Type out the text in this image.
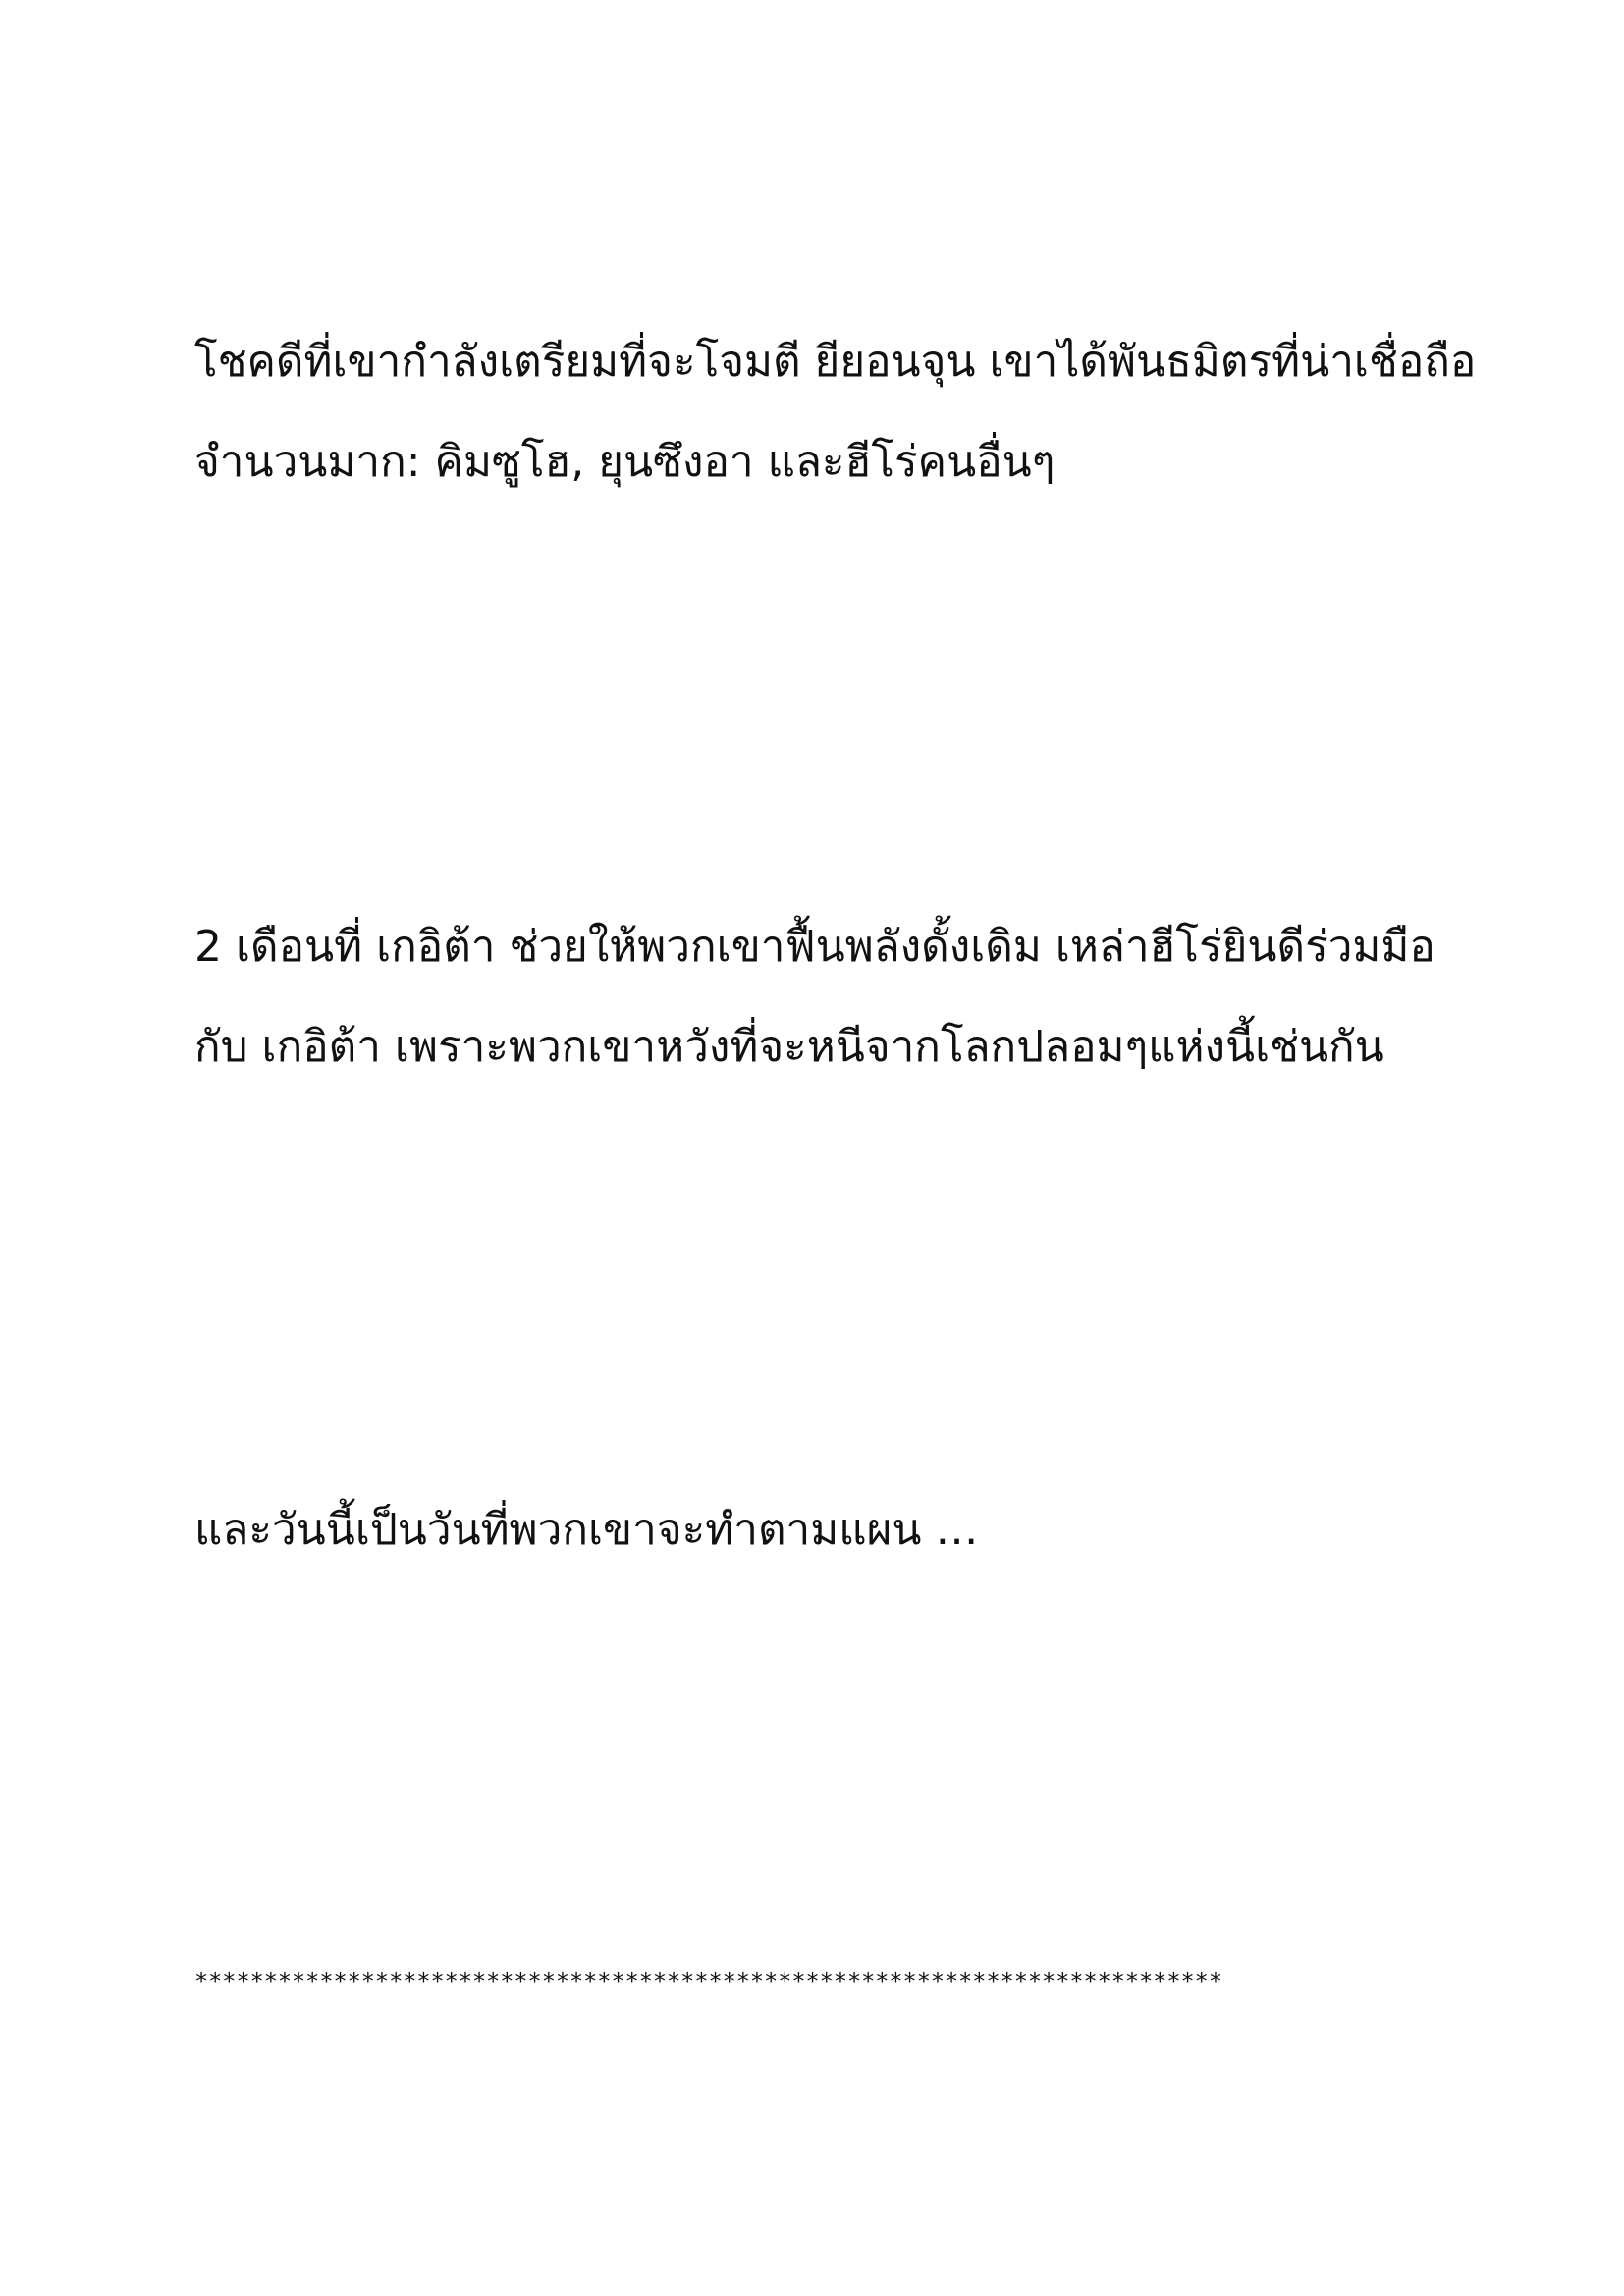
โชคดีที่เขากำลังเตรียมที่จะโจมตี ยียอนจุน เขาได้พันธมิตรที่น่าเชื่อถือ
จำนวนมาก: คิมซูโฮ, ยุนซึงอา และฮีโร่คนอื่นๆ

2 เดือนที่ เกอิต้า ช่วยให้พวกเขาฟื้นพลังดั้งเดิม เหล่าฮีโร่ยินดีร่วมมือ
กับ เกอิต้า เพราะพวกเขาหวังที่จะหนีจากโลกปลอมๆแห่งนี้เช่นกัน

และวันนี้เป็นวันที่พวกเขาจะทำตามแผน …

**************************************************************************
